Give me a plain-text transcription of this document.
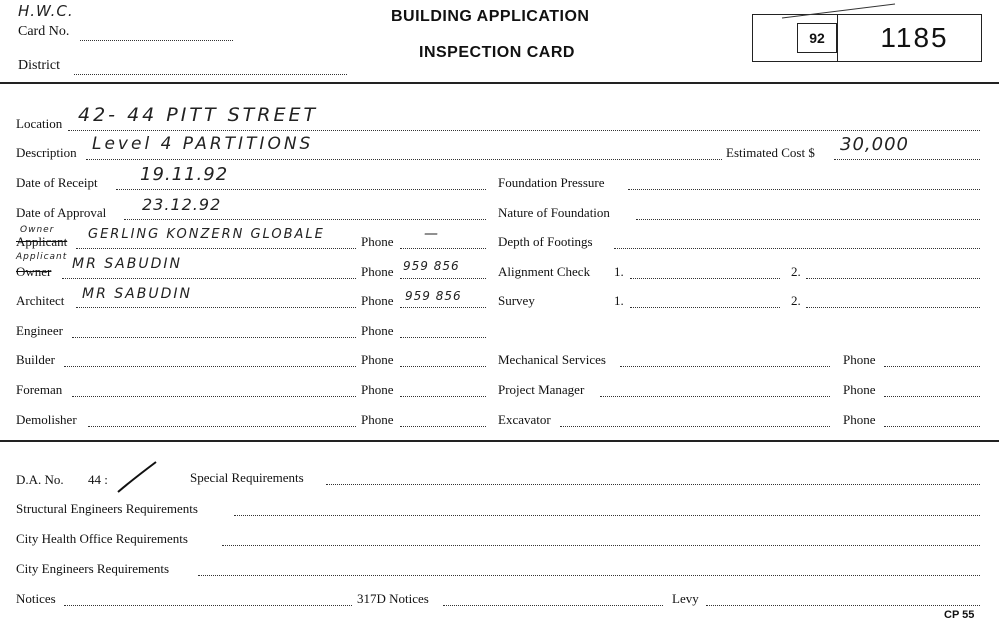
H.W.C.
Card No.
District
BUILDING APPLICATION
INSPECTION CARD
92	1185
Location 42- 44 PITT STREET
Description Level 4 PARTITIONS	Estimated Cost $ 30,000
Date of Receipt 19.11.92
Date of Approval 23.12.92
Owner
Applicant GERLING KONZERN GLOBALE	Phone —
Applicant
Owner MR SABUDIN	Phone 959 856
Architect MR SABUDIN	Phone 959 856
Engineer	Phone
Builder	Phone
Foreman	Phone
Demolisher	Phone
Foundation Pressure
Nature of Foundation
Depth of Footings
Alignment Check 1.	2.
Survey	1.	2.
Mechanical Services	Phone
Project Manager	Phone
Excavator	Phone
D.A. No. 44 :	Special Requirements
Structural Engineers Requirements
City Health Office Requirements
City Engineers Requirements
Notices	317D Notices	Levy
CP 55
